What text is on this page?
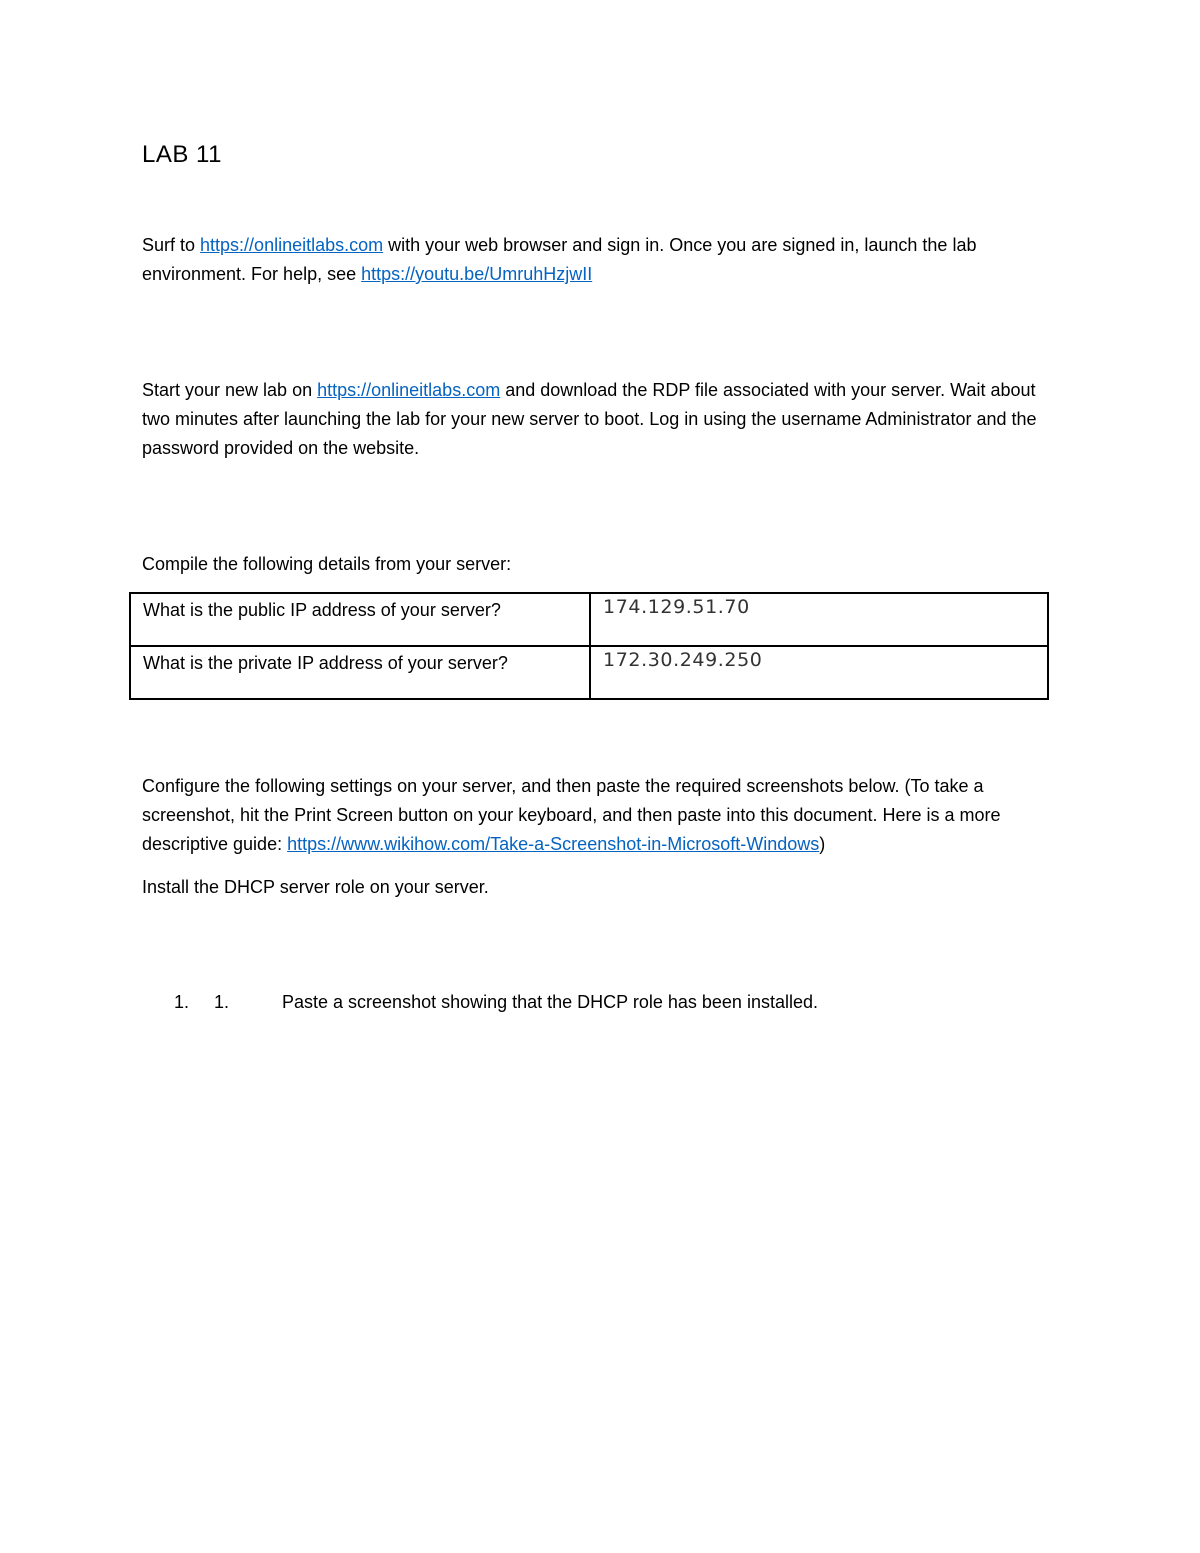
LAB 11

Surf to https://onlineitlabs.com with your web browser and sign in. Once you are signed in, launch the lab environment. For help, see https://youtu.be/UmruhHzjwII

Start your new lab on https://onlineitlabs.com and download the RDP file associated with your server. Wait about two minutes after launching the lab for your new server to boot. Log in using the username Administrator and the password provided on the website.

Compile the following details from your server:

What is the public IP address of your server?	174.129.51.70
What is the private IP address of your server?	172.30.249.250

Configure the following settings on your server, and then paste the required screenshots below. (To take a screenshot, hit the Print Screen button on your keyboard, and then paste into this document. Here is a more descriptive guide: https://www.wikihow.com/Take-a-Screenshot-in-Microsoft-Windows)

Install the DHCP server role on your server.

1. 1.	Paste a screenshot showing that the DHCP role has been installed.
